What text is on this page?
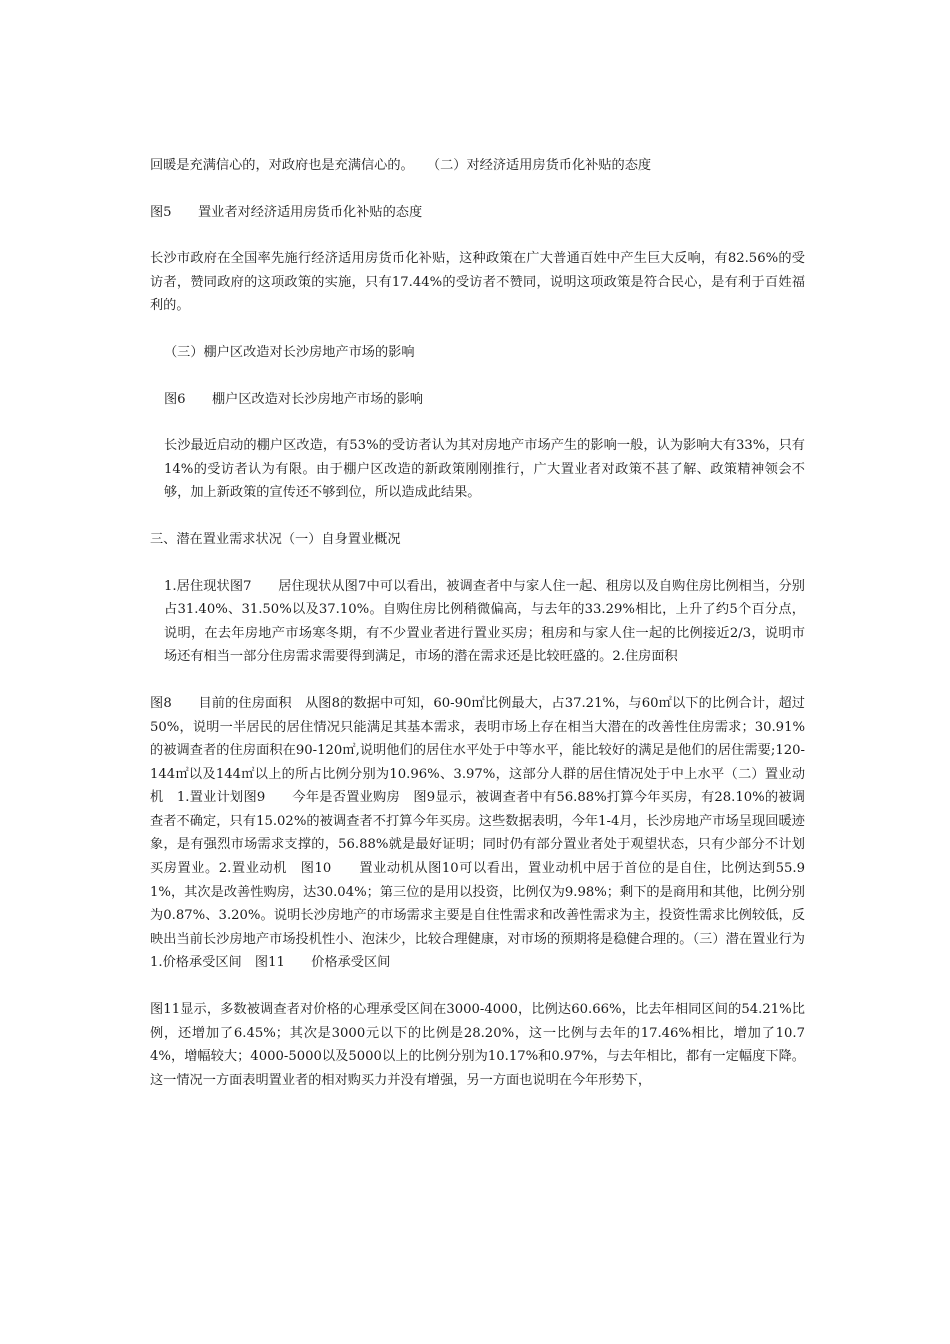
回暖是充满信心的，对政府也是充满信心的。　　（二）对经济适用房货币化补贴的态度

图5　　置业者对经济适用房货币化补贴的态度

长沙市政府在全国率先施行经济适用房货币化补贴，这种政策在广大普通百姓中产生巨大反响，有82.56%的受访者，赞同政府的这项政策的实施，只有17.44%的受访者不赞同，说明这项政策是符合民心，是有利于百姓福利的。

（三）棚户区改造对长沙房地产市场的影响

图6　　棚户区改造对长沙房地产市场的影响

长沙最近启动的棚户区改造，有53%的受访者认为其对房地产市场产生的影响一般，认为影响大有33%，只有14%的受访者认为有限。由于棚户区改造的新政策刚刚推行，广大置业者对政策不甚了解、政策精神领会不够，加上新政策的宣传还不够到位，所以造成此结果。

三、潜在置业需求状况（一）自身置业概况

1.居住现状图7　　居住现状从图7中可以看出，被调查者中与家人住一起、租房以及自购住房比例相当，分别占31.40%、31.50%以及37.10%。自购住房比例稍微偏高，与去年的33.29%相比，上升了约5个百分点，说明，在去年房地产市场寒冬期，有不少置业者进行置业买房；租房和与家人住一起的比例接近2/3，说明市场还有相当一部分住房需求需要得到满足，市场的潜在需求还是比较旺盛的。2.住房面积

图8　　目前的住房面积　从图8的数据中可知，60-90㎡比例最大，占37.21%，与60㎡以下的比例合计，超过50%，说明一半居民的居住情况只能满足其基本需求，表明市场上存在相当大潜在的改善性住房需求；30.91%的被调查者的住房面积在90-120㎡,说明他们的居住水平处于中等水平，能比较好的满足是他们的居住需要;120-144㎡以及144㎡以上的所占比例分别为10.96%、3.97%，这部分人群的居住情况处于中上水平（二）置业动机　1.置业计划图9　　今年是否置业购房　图9显示，被调查者中有56.88%打算今年买房，有28.10%的被调查者不确定，只有15.02%的被调查者不打算今年买房。这些数据表明，今年1-4月，长沙房地产市场呈现回暖迹象，是有强烈市场需求支撑的，56.88%就是最好证明；同时仍有部分置业者处于观望状态，只有少部分不计划买房置业。2.置业动机　图10　　置业动机从图10可以看出，置业动机中居于首位的是自住，比例达到55.91%，其次是改善性购房，达30.04%；第三位的是用以投资，比例仅为9.98%；剩下的是商用和其他，比例分别为0.87%、3.20%。说明长沙房地产的市场需求主要是自住性需求和改善性需求为主，投资性需求比例较低，反映出当前长沙房地产市场投机性小、泡沫少，比较合理健康，对市场的预期将是稳健合理的。（三）潜在置业行为1.价格承受区间　图11　　价格承受区间

图11显示，多数被调查者对价格的心理承受区间在3000-4000，比例达60.66%，比去年相同区间的54.21%比例，还增加了6.45%；其次是3000元以下的比例是28.20%，这一比例与去年的17.46%相比，增加了10.74%，增幅较大；4000-5000以及5000以上的比例分别为10.17%和0.97%，与去年相比，都有一定幅度下降。这一情况一方面表明置业者的相对购买力并没有增强，另一方面也说明在今年形势下，
